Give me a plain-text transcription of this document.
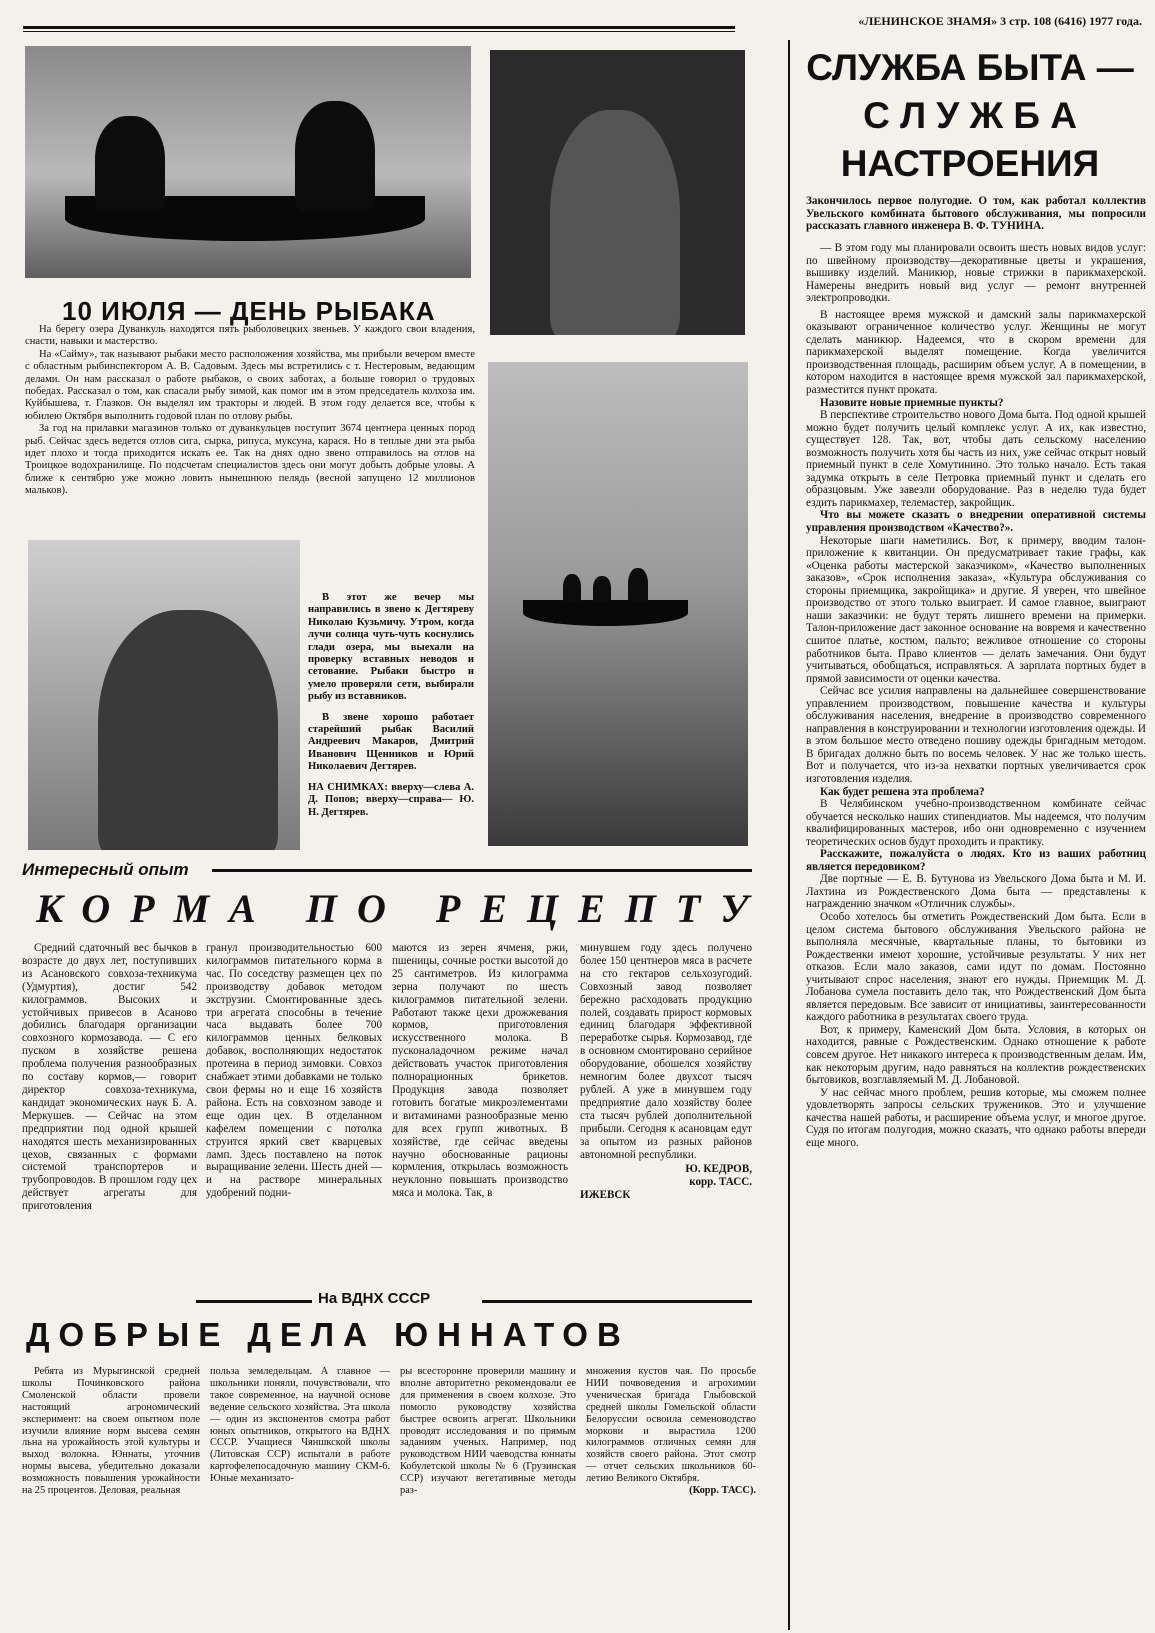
«ЛЕНИНСКОЕ ЗНАМЯ» 3 стр. 108 (6416) 1977 года.
10 ИЮЛЯ — ДЕНЬ РЫБАКА

На берегу озера Дуванкуль находятся пять рыболовецких звеньев. У каждого свои владения, снасти, навыки и мастерство.

На «Сайму», так называют рыбаки место расположения хозяйства, мы прибыли вечером вместе с областным рыбинспектором А. В. Садовым. Здесь мы встретились с т. Нестеровым, ведающим делами. Он нам рассказал о работе рыбаков, о своих заботах, а больше говорил о трудовых победах. Рассказал о том, как спасали рыбу зимой, как помог им в этом председатель колхоза им. Куйбышева, т. Глазков. Он выделял им тракторы и людей. В этом году делается все, чтобы к юбилею Октября выполнить годовой план по отлову рыбы.

За год на прилавки магазинов только от дуванкульцев поступит 3674 центнера ценных пород рыб. Сейчас здесь ведется отлов сига, сырка, рипуса, муксуна, карася. Но в теплые дни эта рыба идет плохо и тогда приходится искать ее. Так на днях одно звено отправилось на отлов на Троицкое водохранилище. По подсчетам специалистов здесь они могут добыть добрые уловы. А ближе к сентябрю уже можно ловить нынешнюю пелядь (весной запущено 12 миллионов мальков).

В этот же вечер мы направились в звено к Дегтяреву Николаю Кузьмичу. Утром, когда лучи солнца чуть-чуть коснулись глади озера, мы выехали на проверку вставных неводов и сетование. Рыбаки быстро и умело проверяли сети, выбирали рыбу из вставников.

В звене хорошо работает старейший рыбак Василий Андреевич Макаров, Дмитрий Иванович Щенников и Юрий Николаевич Дегтярев.

НА СНИМКАХ: вверху—слева А. Д. Попов; вверху—справа— Ю. Н. Дегтярев.

СЛУЖБА БЫТА —
С Л У Ж Б А
НАСТРОЕНИЯ
Закончилось первое полугодие. О том, как работал коллектив Увельского комбината бытового обслуживания, мы попросили рассказать главного инженера В. Ф. ТУНИНА.

— В этом году мы планировали освоить шесть новых видов услуг: по швейному производству—декоративные цветы и украшения, вышивку изделий. Маникюр, новые стрижки в парикмахерской. Намерены внедрить новый вид услуг — ремонт внутренней электропроводки.

В настоящее время мужской и дамский залы парикмахерской оказывают ограниченное количество услуг. Женщины не могут сделать маникюр. Надеемся, что в скором времени для парикмахерской выделят помещение. Когда увеличится производственная площадь, расширим объем услуг. А в помещении, в котором находится в настоящее время мужской зал парикмахерской, разместится пункт проката.

Назовите новые приемные пункты?

В перспективе строительство нового Дома быта. Под одной крышей можно будет получить целый комплекс услуг. А их, как известно, существует 128. Так, вот, чтобы дать сельскому населению возможность получить хотя бы часть из них, уже сейчас открыт новый приемный пункт в селе Хомутинино. Это только начало. Есть такая задумка открыть в селе Петровка приемный пункт и сделать его образцовым. Уже завезли оборудование. Раз в неделю туда будет ездить парикмахер, телемастер, закройщик.

Что вы можете сказать о внедрении оперативной системы управления производством «Качество?».

Некоторые шаги наметились. Вот, к примеру, вводим талон-приложение к квитанции. Он предусматривает такие графы, как «Оценка работы мастерской заказчиком», «Качество выполненных заказов», «Срок исполнения заказа», «Культура обслуживания со стороны приемщика, закройщика» и другие. Я уверен, что швейное производство от этого только выиграет. И самое главное, выиграют наши заказчики: не будут терять лишнего времени на примерки. Талон-приложение даст законное основание на вовремя и качественно сшитое платье, костюм, пальто; вежливое отношение со стороны работников быта. Право клиентов — делать замечания. Они будут учитываться, обобщаться, исправляться. А зарплата портных будет в прямой зависимости от оценки качества.

Сейчас все усилия направлены на дальнейшее совершенствование управлением производством, повышение качества и культуры обслуживания населения, внедрение в производство современного направления в конструировании и технологии изготовления одежды. И в этом большое место отведено пошиву одежды бригадным методом. В бригадах должно быть по восемь человек. У нас же только шесть. Вот и получается, что из-за нехватки портных увеличивается срок изготовления изделия.

Как будет решена эта проблема?

В Челябинском учебно-производственном комбинате сейчас обучается несколько наших стипендиатов. Мы надеемся, что получим квалифицированных мастеров, ибо они одновременно с изучением теоретических основ будут проходить и практику.

Расскажите, пожалуйста о людях. Кто из ваших работниц является передовиком?

Две портные — Е. В. Бутунова из Увельского Дома быта и М. И. Лахтина из Рождественского Дома быта — представлены к награждению значком «Отличник службы».

Особо хотелось бы отметить Рождественский Дом быта. Если в целом система бытового обслуживания Увельского района не выполняла месячные, квартальные планы, то бытовики из Рождественки имеют хорошие, устойчивые результаты. У них нет отказов. Если мало заказов, сами идут по домам. Постоянно учитывают спрос населения, знают его нужды. Приемщик М. Д. Лобанова сумела поставить дело так, что Рождественский Дом быта является передовым. Все зависит от инициативы, заинтересованности каждого работника в результатах своего труда.

Вот, к примеру, Каменский Дом быта. Условия, в которых он находится, равные с Рождественским. Однако отношение к работе совсем другое. Нет никакого интереса к производственным делам. Им, как некоторым другим, надо равняться на коллектив рождественских бытовиков, возглавляемый М. Д. Лобановой.

У нас сейчас много проблем, решив которые, мы сможем полнее удовлетворять запросы сельских тружеников. Это и улучшение качества нашей работы, и расширение объема услуг, и многое другое. Судя по итогам полугодия, можно сказать, что однако работы впереди еще много.

Интересный опыт
КОРМА ПО РЕЦЕПТУ

Средний сдаточный вес бычков в возрасте до двух лет, поступивших из Асановского совхоза-техникума (Удмуртия), достиг 542 килограммов. Высоких и устойчивых привесов в Асаново добились благодаря организации совхозного кормозавода. — С его пуском в хозяйстве решена проблема получения разнообразных по составу кормов,— говорит директор совхоза-техникума, кандидат экономических наук Б. А. Меркушев. — Сейчас на этом предприятии под одной крышей находятся шесть механизированных цехов, связанных с формами системой транспортеров и трубопроводов. В прошлом году цех действует агрегаты для приготовления

гранул производительностью 600 килограммов питательного корма в час. По соседству размещен цех по производству добавок методом экструзии. Смонтированные здесь три агрегата способны в течение часа выдавать более 700 килограммов ценных белковых добавок, восполняющих недостаток протеина в период зимовки. Совхоз снабжает этими добавками не только свои фермы но и еще 16 хозяйств района. Есть на совхозном заводе и еще один цех. В отделанном кафелем помещении с потолка струится яркий свет кварцевых ламп. Здесь поставлено на поток выращивание зелени. Шесть дней — и на растворе минеральных удобрений подни-

маются из зерен ячменя, ржи, пшеницы, сочные ростки высотой до 25 сантиметров. Из килограмма зерна получают по шесть килограммов питательной зелени. Работают также цехи дрожжевания кормов, приготовления искусственного молока. В пусконаладочном режиме начал действовать участок приготовления полнорационных брикетов. Продукция завода позволяет готовить богатые микроэлементами и витаминами разнообразные меню для всех групп животных. В хозяйстве, где сейчас введены научно обоснованные рационы кормления, открылась возможность неуклонно повышать производство мяса и молока. Так, в

минувшем году здесь получено более 150 центнеров мяса в расчете на сто гектаров сельхозугодий. Совхозный завод позволяет бережно расходовать продукцию полей, создавать прирост кормовых единиц благодаря эффективной переработке сырья. Кормозавод, где в основном смонтировано серийное оборудование, обошелся хозяйству немногим более двухсот тысяч рублей. А уже в минувшем году предприятие дало хозяйству более ста тысяч рублей дополнительной прибыли. Сегодня к асановцам едут за опытом из разных районов автономной республики.

Ю. КЕДРОВ,
корр. ТАСС.
ИЖЕВСК
На ВДНХ СССР
ДОБРЫЕ ДЕЛА ЮННАТОВ

Ребята из Мурыгинской средней школы Починковского района Смоленской области провели настоящий агрономический эксперимент: на своем опытном поле изучили влияние норм высева семян льна на урожайность этой культуры и выход волокна. Юннаты, уточнив нормы высева, убедительно доказали возможность повышения урожайности на 25 процентов. Деловая, реальная

польза земледельцам. А главное — школьники поняли, почувствовали, что такое современное, на научной основе ведение сельского хозяйства. Эта школа — один из экспонентов смотра работ юных опытников, открытого на ВДНХ СССР. Учащиеся Чяншкской школы (Литовская ССР) испытали в работе картофелепосадочную машину СКМ-6. Юные механизато-

ры всесторонне проверили машину и вполне авторитетно рекомендовали ее для применения в своем колхозе. Это помогло руководству хозяйства быстрее освоить агрегат. Школьники проводят исследования и по прямым заданиям ученых. Например, под руководством НИИ чаеводства юннаты Кобулетской школы № 6 (Грузинская ССР) изучают вегетативные методы раз-

множения кустов чая. По просьбе НИИ почвоведения и агрохимии ученическая бригада Глыбовской средней школы Гомельской области Белоруссии освоила семеноводство моркови и вырастила 1200 килограммов отличных семян для хозяйств своего района. Этот смотр — отчет сельских школьников 60-летию Великого Октября.

(Корр. ТАСС).
